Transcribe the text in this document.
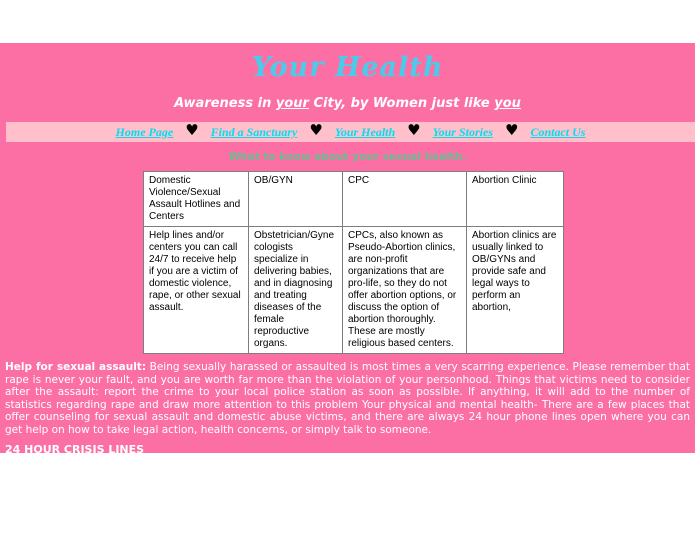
Your Health
Awareness in your City, by Women just like you
Home Page ♥ Find a Sanctuary ♥ Your Health ♥ Your Stories ♥ Contact Us
What to know about your sexual health.
Domestic Violence/Sexual Assault Hotlines and Centers	OB/GYN	CPC	Abortion Clinic
Help lines and/or centers you can call 24/7 to receive help if you are a victim of domestic violence, rape, or other sexual assault.	Obstetrician/Gynecologists specialize in delivering babies, and in diagnosing and treating diseases of the female reproductive organs.	CPCs, also known as Pseudo-Abortion clinics, are non-profit organizations that are pro-life, so they do not offer abortion options, or discuss the option of abortion thoroughly. These are mostly religious based centers.	Abortion clinics are usually linked to OB/GYNs and provide safe and legal ways to perform an abortion,

Help for sexual assault: Being sexually harassed or assaulted is most times a very scarring experience. Please remember that rape is never your fault, and you are worth far more than the violation of your personhood. Things that victims need to consider after the assault: report the crime to your local police station as soon as possible. If anything, it will add to the number of statistics regarding rape and draw more attention to this problem Your physical and mental health- There are a few places that offer counseling for sexual assault and domestic abuse victims, and there are always 24 hour phone lines open where you can get help on how to take legal action, health concerns, or simply talk to someone.

24 HOUR CRISIS LINES

Domestic Violence 919-828-7740; 866-291-0855 toll-free

Sexual Assault 919-828-3005; 866-291-0853 toll-free

Solace Center (Sexual Assault Forensic Examination) 919-828-3067; 866-291-0854 toll-free
